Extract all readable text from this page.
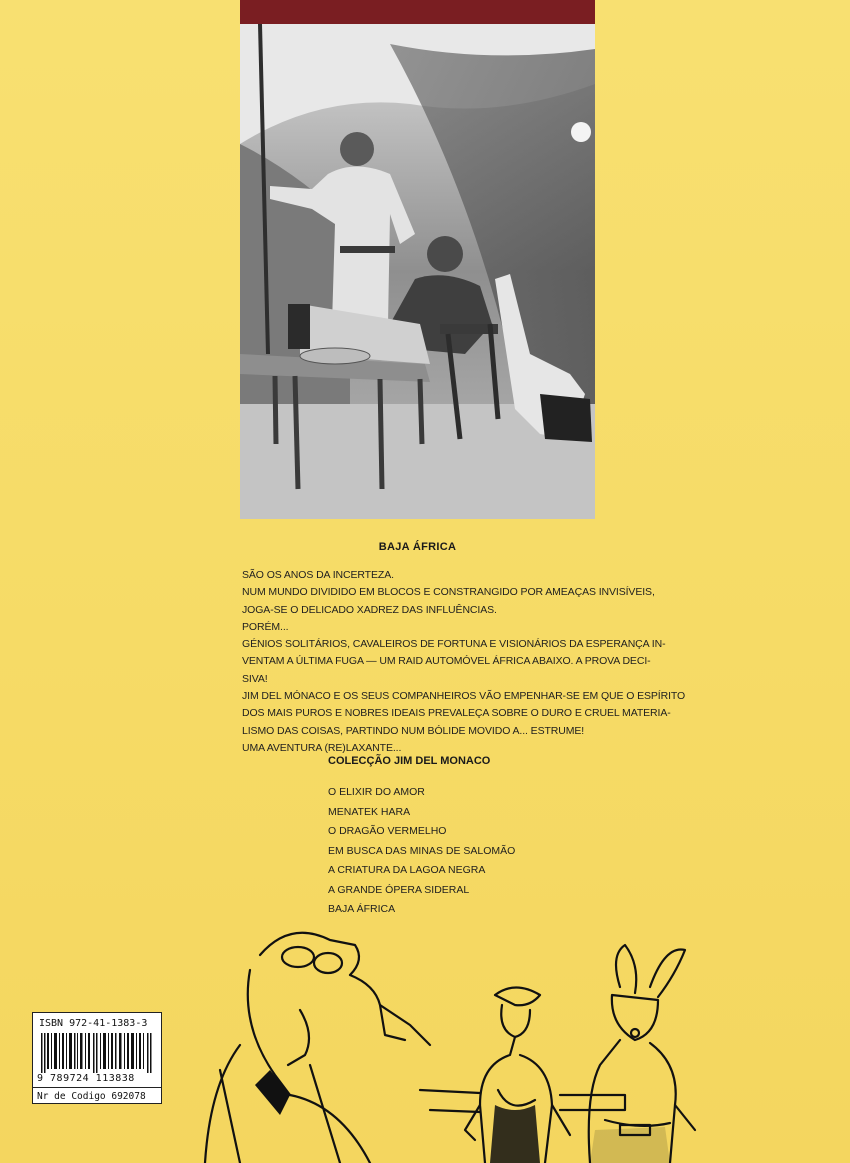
BAJA ÁFRICA

SÃO OS ANOS DA INCERTEZA.

NUM MUNDO DIVIDIDO EM BLOCOS E CONSTRANGIDO POR AMEAÇAS INVISÍVEIS,

JOGA-SE O DELICADO XADREZ DAS INFLUÊNCIAS.

PORÉM...

GÉNIOS SOLITÁRIOS, CAVALEIROS DE FORTUNA E VISIONÁRIOS DA ESPERANÇA IN-

VENTAM A ÚLTIMA FUGA — UM RAID AUTOMÓVEL ÁFRICA ABAIXO. A PROVA DECI-

SIVA!

JIM DEL MÓNACO E OS SEUS COMPANHEIROS VÃO EMPENHAR-SE EM QUE O ESPÍRITO

DOS MAIS PUROS E NOBRES IDEAIS PREVALEÇA SOBRE O DURO E CRUEL MATERIA-

LISMO DAS COISAS, PARTINDO NUM BÓLIDE MOVIDO A... ESTRUME!

UMA AVENTURA (RE)LAXANTE...

COLECÇÃO JIM DEL MONACO
O ELIXIR DO AMOR
MENATEK HARA
O DRAGÃO VERMELHO
EM BUSCA DAS MINAS DE SALOMÃO
A CRIATURA DA LAGOA NEGRA
A GRANDE ÓPERA SIDERAL
BAJA ÁFRICA
ISBN 972-41-1383-3
9 789724 113838
Nr de Codigo 692078
